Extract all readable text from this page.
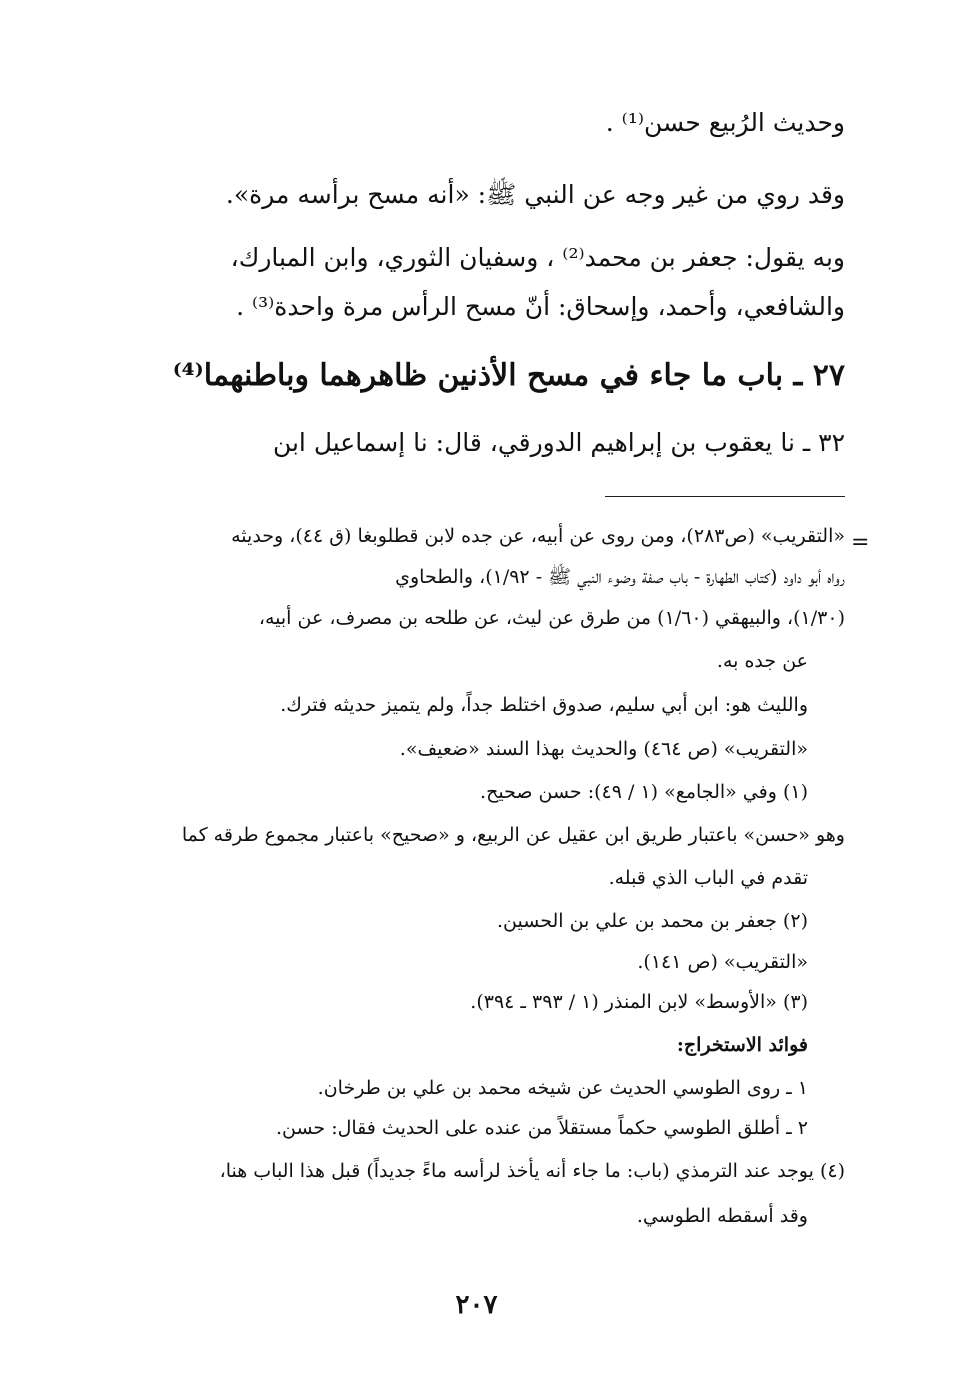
وحديث الرُبيع حسن⁽¹⁾ .
وقد روي من غير وجه عن النبي ﷺ: «أنه مسح برأسه مرة».
وبه يقول: جعفر بن محمد⁽²⁾ ، وسفيان الثوري، وابن المبارك،
والشافعي، وأحمد، وإسحاق: أنّ مسح الرأس مرة واحدة⁽³⁾ .
٢٧ ـ باب ما جاء في مسح الأذنين ظاهرهما وباطنهما⁽⁴⁾
٣٢ ـ نا يعقوب بن إبراهيم الدورقي، قال: نا إسماعيل ابن
=
«التقريب» (ص٢٨٣)، ومن روى عن أبيه، عن جده لابن قطلوبغا (ق ٤٤)، وحديثه
رواه أبو داود (كتاب الطهارة - باب صفة وضوء النبي ﷺ - ١/٩٢)، والطحاوي
(١/٣٠)، والبيهقي (١/٦٠) من طرق عن ليث، عن طلحه بن مصرف، عن أبيه،
عن جده به.
والليث هو: ابن أبي سليم، صدوق اختلط جداً، ولم يتميز حديثه فترك.
«التقريب» (ص ٤٦٤) والحديث بهذا السند «ضعيف».
(١) وفي «الجامع» (١ / ٤٩): حسن صحيح.
وهو «حسن» باعتبار طريق ابن عقيل عن الربيع، و «صحيح» باعتبار مجموع طرقه كما
تقدم في الباب الذي قبله.
(٢) جعفر بن محمد بن علي بن الحسين.
«التقريب» (ص ١٤١).
(٣) «الأوسط» لابن المنذر (١ / ٣٩٣ ـ ٣٩٤).
فوائد الاستخراج:
١ ـ روى الطوسي الحديث عن شيخه محمد بن علي بن طرخان.
٢ ـ أطلق الطوسي حكماً مستقلاً من عنده على الحديث فقال: حسن.
(٤) يوجد عند الترمذي (باب: ما جاء أنه يأخذ لرأسه ماءً جديداً) قبل هذا الباب هنا،
وقد أسقطه الطوسي.
٢٠٧
